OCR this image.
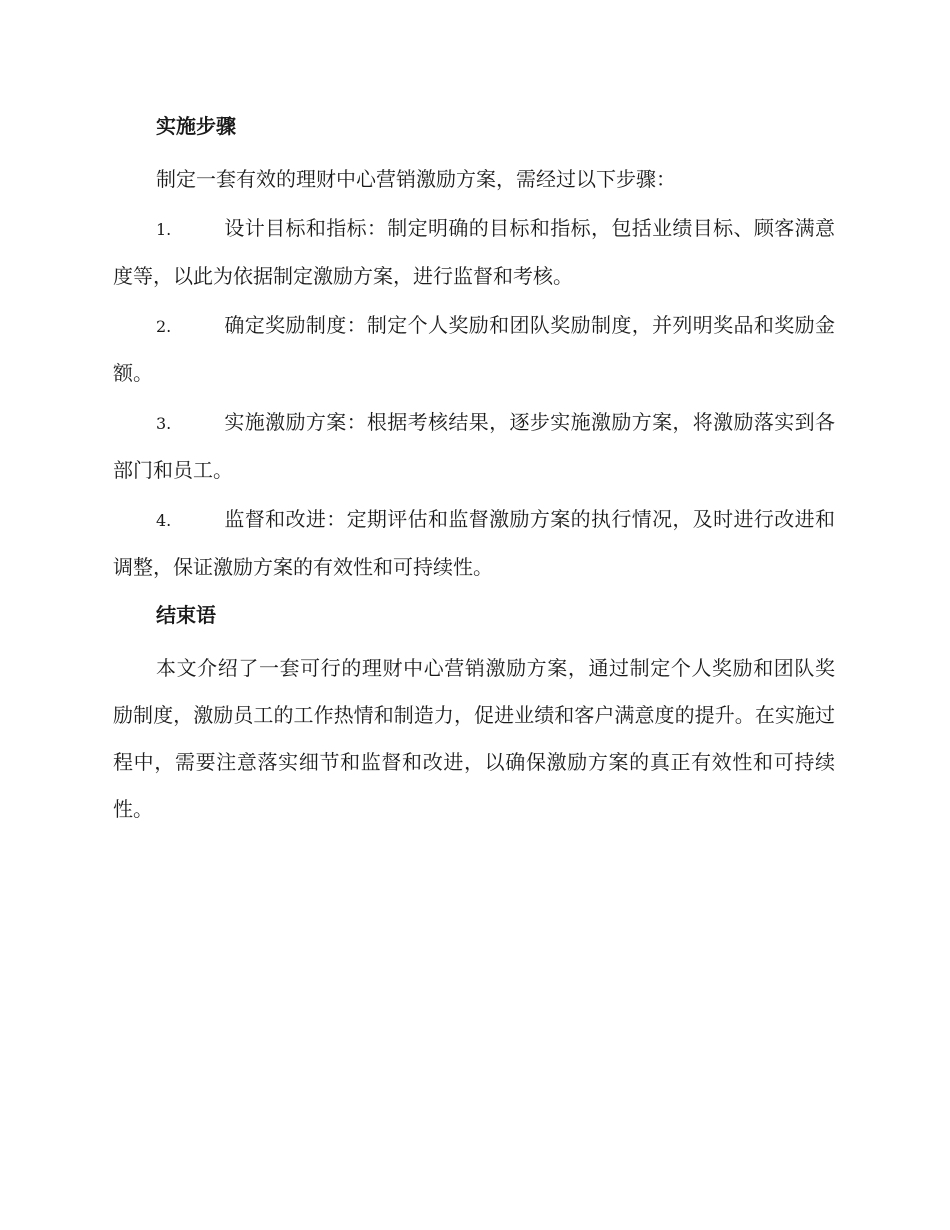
实施步骤

制定一套有效的理财中心营销激励方案，需经过以下步骤：

1.	设计目标和指标：制定明确的目标和指标，包括业绩目标、顾客满意度等，以此为依据制定激励方案，进行监督和考核。

2.	确定奖励制度：制定个人奖励和团队奖励制度，并列明奖品和奖励金额。

3.	实施激励方案：根据考核结果，逐步实施激励方案，将激励落实到各部门和员工。

4.	监督和改进：定期评估和监督激励方案的执行情况，及时进行改进和调整，保证激励方案的有效性和可持续性。

结束语

本文介绍了一套可行的理财中心营销激励方案，通过制定个人奖励和团队奖励制度，激励员工的工作热情和制造力，促进业绩和客户满意度的提升。在实施过程中，需要注意落实细节和监督和改进，以确保激励方案的真正有效性和可持续性。
